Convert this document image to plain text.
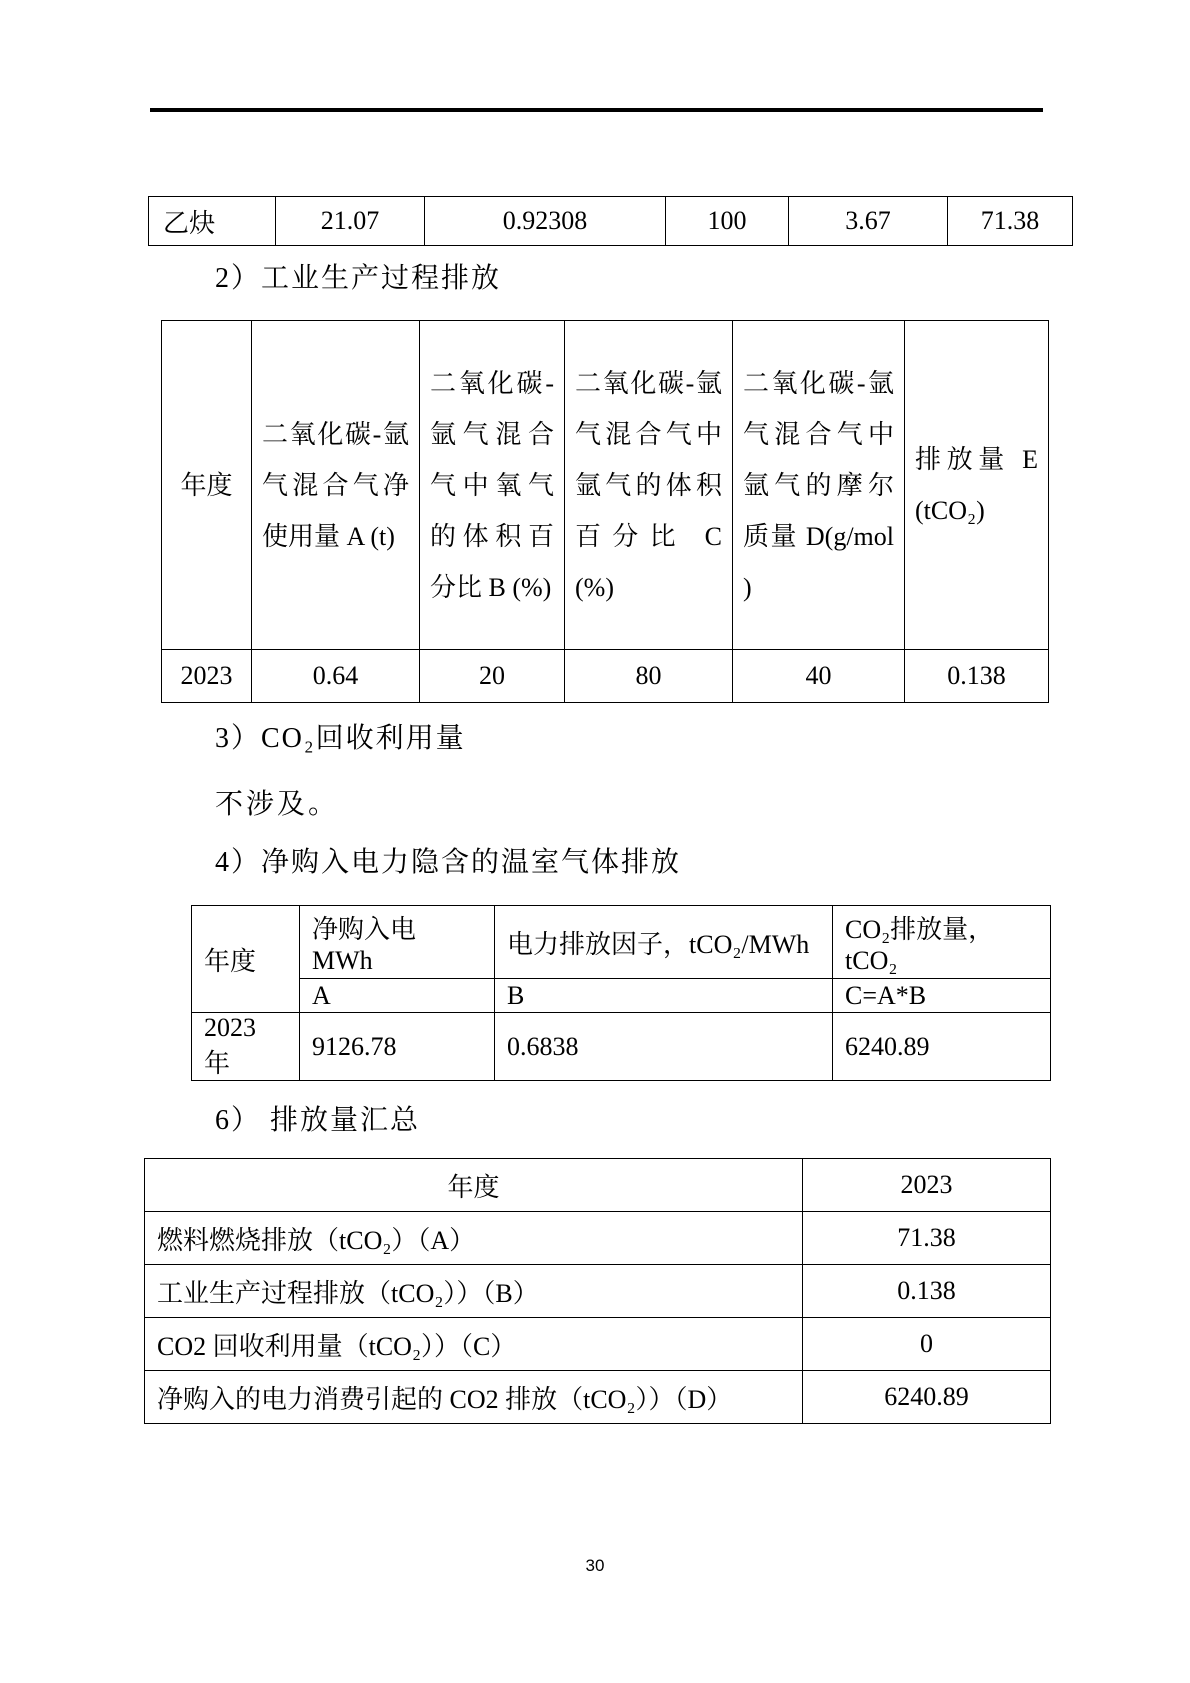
乙炔	21.07	0.92308	100	3.67	71.38
2）工业生产过程排放
年度	二氧化碳-氩气混合气净使用量 A (t)	二氧化碳-氩气混合气中氧气的体积百分比 B (%)	二氧化碳-氩气混合气中氩气的体积百分比 C (%)	二氧化碳-氩气混合气中氩气的摩尔质量 D(g/mol )	排放量 E (tCO₂)
2023	0.64	20	80	40	0.138
3）CO₂回收利用量
不涉及。
4）净购入电力隐含的温室气体排放
年度	净购入电 MWh	电力排放因子，tCO₂/MWh	CO₂排放量，tCO₂
	A	B	C=A*B
2023 年	9126.78	0.6838	6240.89
6） 排放量汇总
年度	2023
燃料燃烧排放（tCO₂）（A）	71.38
工业生产过程排放（tCO₂））（B）	0.138
CO2 回收利用量（tCO₂））（C）	0
净购入的电力消费引起的 CO2 排放（tCO₂））（D）	6240.89
30
